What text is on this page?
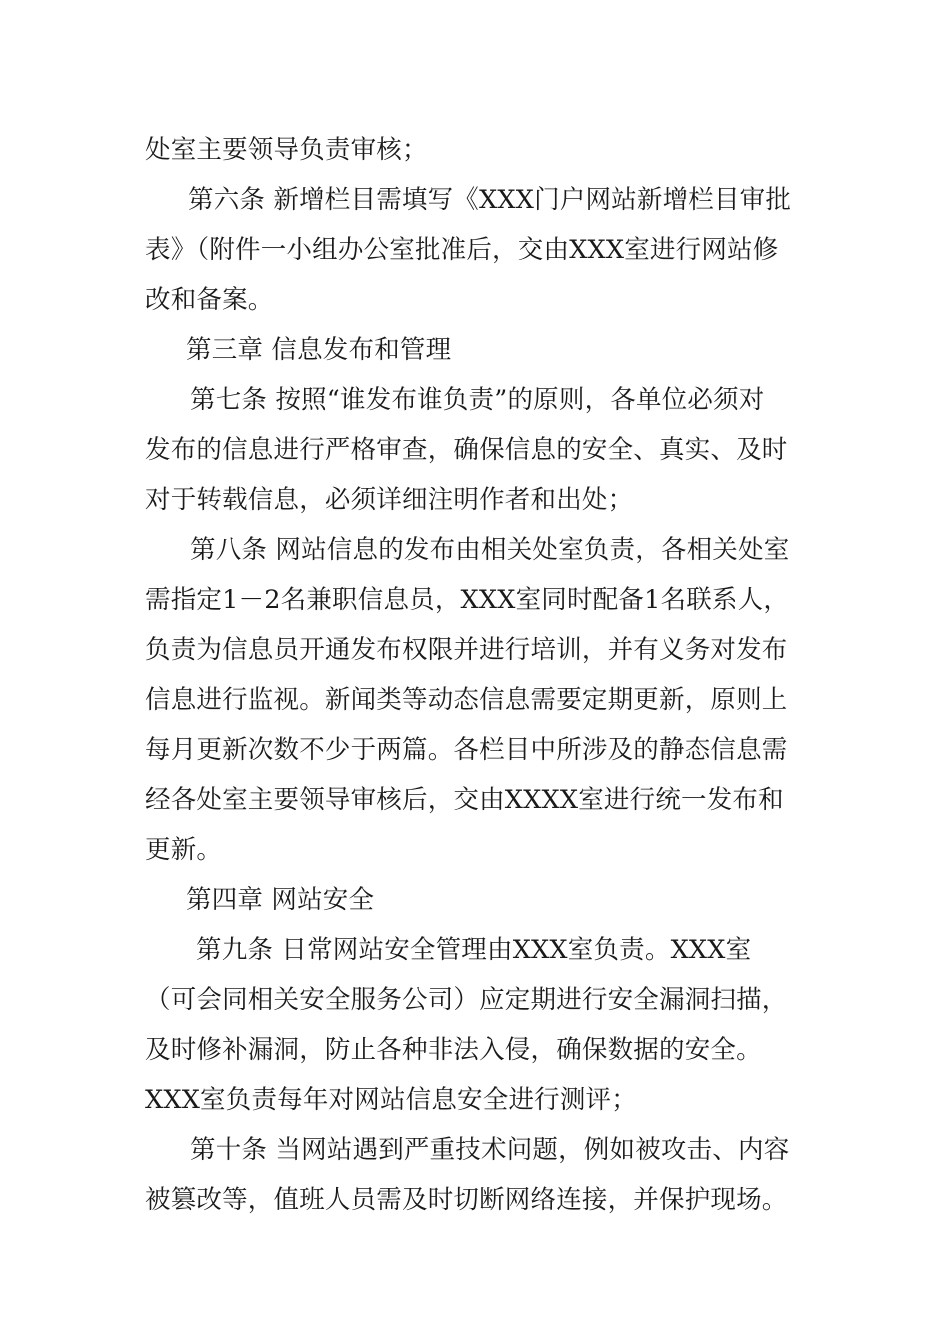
处室主要领导负责审核；
第六条 新增栏目需填写《XXX门户网站新增栏目审批
表》（附件一小组办公室批准后，交由XXX室进行网站修
改和备案。
第三章 信息发布和管理
第七条 按照“谁发布谁负责”的原则，各单位必须对
发布的信息进行严格审查，确保信息的安全、真实、及时
对于转载信息，必须详细注明作者和出处；
第八条 网站信息的发布由相关处室负责，各相关处室
需指定1－2名兼职信息员，XXX室同时配备1名联系人，
负责为信息员开通发布权限并进行培训，并有义务对发布
信息进行监视。新闻类等动态信息需要定期更新，原则上
每月更新次数不少于两篇。各栏目中所涉及的静态信息需
经各处室主要领导审核后，交由XXXX室进行统一发布和
更新。
第四章 网站安全
第九条 日常网站安全管理由XXX室负责。XXX室
（可会同相关安全服务公司）应定期进行安全漏洞扫描，
及时修补漏洞，防止各种非法入侵，确保数据的安全。
XXX室负责每年对网站信息安全进行测评；
第十条 当网站遇到严重技术问题，例如被攻击、内容
被篡改等，值班人员需及时切断网络连接，并保护现场。
